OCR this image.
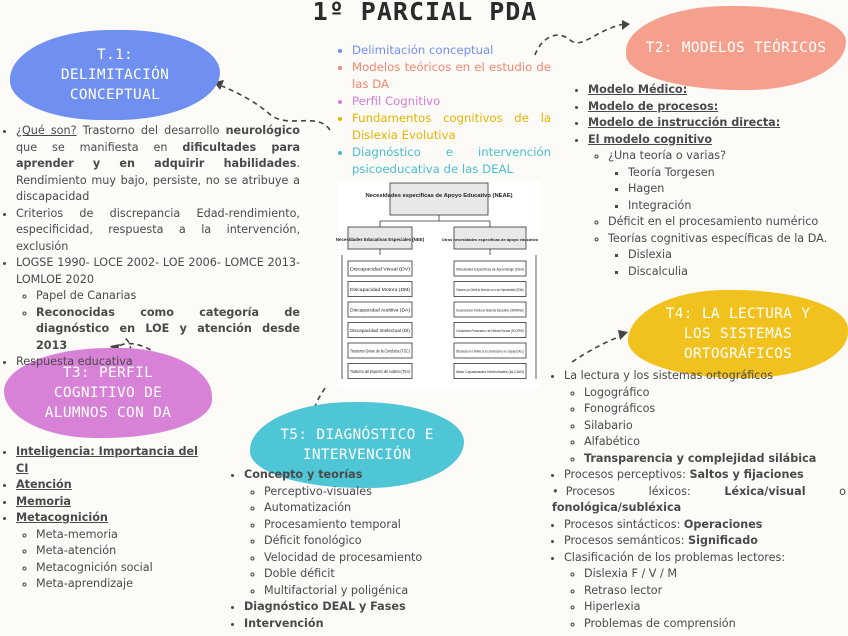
1º PARCIAL PDA
T.1: DELIMITACIÓN CONCEPTUAL
T2: MODELOS TEÓRICOS
T3: PERFIL COGNITIVO DE ALUMNOS CON DA
T4: LA LECTURA Y LOS SISTEMAS ORTOGRÁFICOS
T5: DIAGNÓSTICO E INTERVENCIÓN
• Delimitación conceptual
• Modelos teóricos en el estudio de las DA
• Perfil Cognitivo
• Fundamentos cognitivos de la Dislexia Evolutiva
• Diagnóstico e intervención psicoeducativa de las DEAL
• ¿Qué son? Trastorno del desarrollo neurológico que se manifiesta en dificultades para aprender y en adquirir habilidades. Rendimiento muy bajo, persiste, no se atribuye a discapacidad
• Criterios de discrepancia Edad-rendimiento, especificidad, respuesta a la intervención, exclusión
• LOGSE 1990- LOCE 2002- LOE 2006- LOMCE 2013- LOMLOE 2020
◦ Papel de Canarias
◦ Reconocidas como categoría de diagnóstico en LOE y atención desde 2013
• Respuesta educativa
• Modelo Médico:
• Modelo de procesos:
• Modelo de instrucción directa:
• El modelo cognitivo
◦ ¿Una teoría o varias?
▪ Teoría Torgesen
▪ Hagen
▪ Integración
◦ Déficit en el procesamiento numérico
◦ Teorías cognitivas específicas de la DA.
▪ Dislexia
▪ Discalculia
• Inteligencia: Importancia del CI
• Atención
• Memoria
• Metacognición
◦ Meta-memoria
◦ Meta-atención
◦ Metacognición social
◦ Meta-aprendizaje
• La lectura y los sistemas ortográficos
◦ Logográfico
◦ Fonográficos
◦ Silabario
◦ Alfabético
◦ Transparencia y complejidad silábica
• Procesos perceptivos: Saltos y fijaciones
•  Procesos	léxicos:	Léxica/visual	o
fonológica/subléxica
• Procesos sintácticos: Operaciones
• Procesos semánticos: Significado
• Clasificación de los problemas lectores:
◦ Dislexia F / V / M
◦ Retraso lector
◦ Hiperlexia
◦ Problemas de comprensión
• Concepto y teorías
◦ Perceptivo-visuales
◦ Automatización
◦ Procesamiento temporal
◦ Déficit fonológico
◦ Velocidad de procesamiento
◦ Doble déficit
◦ Multifactorial y poligénica
• Diagnóstico DEAL y Fases
• Intervención
Necesidades específicas de Apoyo Educativo (NEAE)
Necesidades Educativas Especiales (NEE)	Otras necesidades específicas de apoyo educativo
Discapacidad Visual (DV)
Discapacidad Motora (DM)
Discapacidad Auditiva (DA)
Discapacidad Intelectual (DI)
Trastorno Grave de la Conducta (TGC)
Trastorno del Espectro del Autismo (TEA)
Dificultades Específicas de Aprendizaje (DEA)
Trastorno por Déficit de Atención con o sin Hiperactividad (TDAH)
Incorporación Tardía al Sistema Educativo (INTARSE)
Condiciones Personales o de Historia Escolar (ECOPHE)
Dificultades en el Ámbito de la Comunicación y el Lenguaje (DACL)
Altas Capacidades Intelectuales (ALCAIN)
